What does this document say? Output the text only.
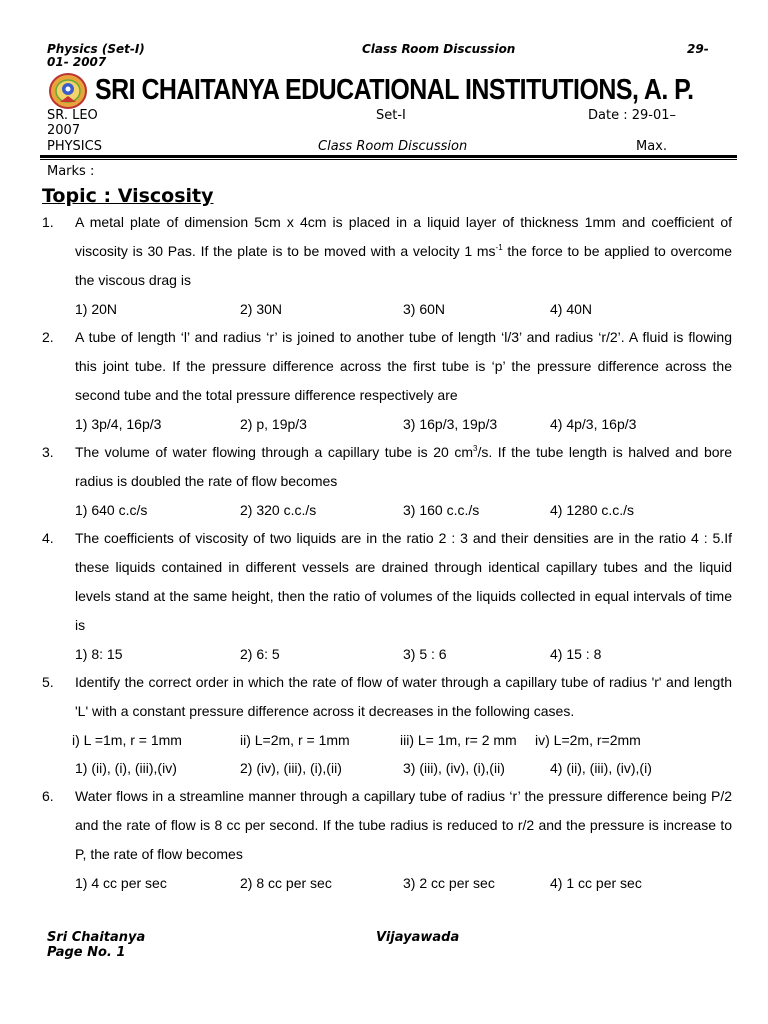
Physics (Set-I)	Class Room Discussion	29-
01- 2007
SRI CHAITANYA EDUCATIONAL INSTITUTIONS, A. P.
SR. LEO	Set-I	Date : 29-01–
2007
PHYSICS	Class Room Discussion	Max.
Marks :
Topic : Viscosity
1. A metal plate of dimension 5cm x 4cm is placed in a liquid layer of thickness 1mm and coefficient of viscosity is 30 Pas. If the plate is to be moved with a velocity 1 $ms^{-1}$ the force to be applied to overcome the viscous drag is
1) 20N	2) 30N	3) 60N	4) 40N
2. A tube of length ‘l’ and radius ‘r’ is joined to another tube of length ‘l/3’ and radius ‘r/2’. A fluid is flowing this joint tube. If the pressure difference across the first tube is ‘p’ the pressure difference across the second tube and the total pressure difference respectively are
1) 3p/4, 16p/3	2) p, 19p/3	3) 16p/3, 19p/3	4) 4p/3, 16p/3
3. The volume of water flowing through a capillary tube is 20 $cm^3/s$. If the tube length is halved and bore radius is doubled the rate of flow becomes
1) 640 c.c/s	2) 320 c.c./s	3) 160 c.c./s	4) 1280 c.c./s
4. The coefficients of viscosity of two liquids are in the ratio 2 : 3 and their densities are in the ratio 4 : 5.If these liquids contained in different vessels are drained through identical capillary tubes and the liquid levels stand at the same height, then the ratio of volumes of the liquids collected in equal intervals of time is
1) 8: 15	2) 6: 5	3) 5 : 6	4) 15 : 8
5. Identify the correct order in which the rate of flow of water through a capillary tube of radius 'r' and length 'L' with a constant pressure difference across it decreases in the following cases.
i) L =1m, r = 1mm	ii) L=2m, r = 1mm	iii) L= 1m, r= 2 mm	iv) L=2m, r=2mm
1) (ii), (i), (iii),(iv)	2) (iv), (iii), (i),(ii)	3) (iii), (iv), (i),(ii)	4) (ii), (iii), (iv),(i)
6. Water flows in a streamline manner through a capillary tube of radius ‘r’ the pressure difference being P/2 and the rate of flow is 8 cc per second. If the tube radius is reduced to r/2 and the pressure is increase to P, the rate of flow becomes
1) 4 cc per sec	2) 8 cc per sec	3) 2 cc per sec	4) 1 cc per sec
Sri Chaitanya	Vijayawada
Page No. 1
